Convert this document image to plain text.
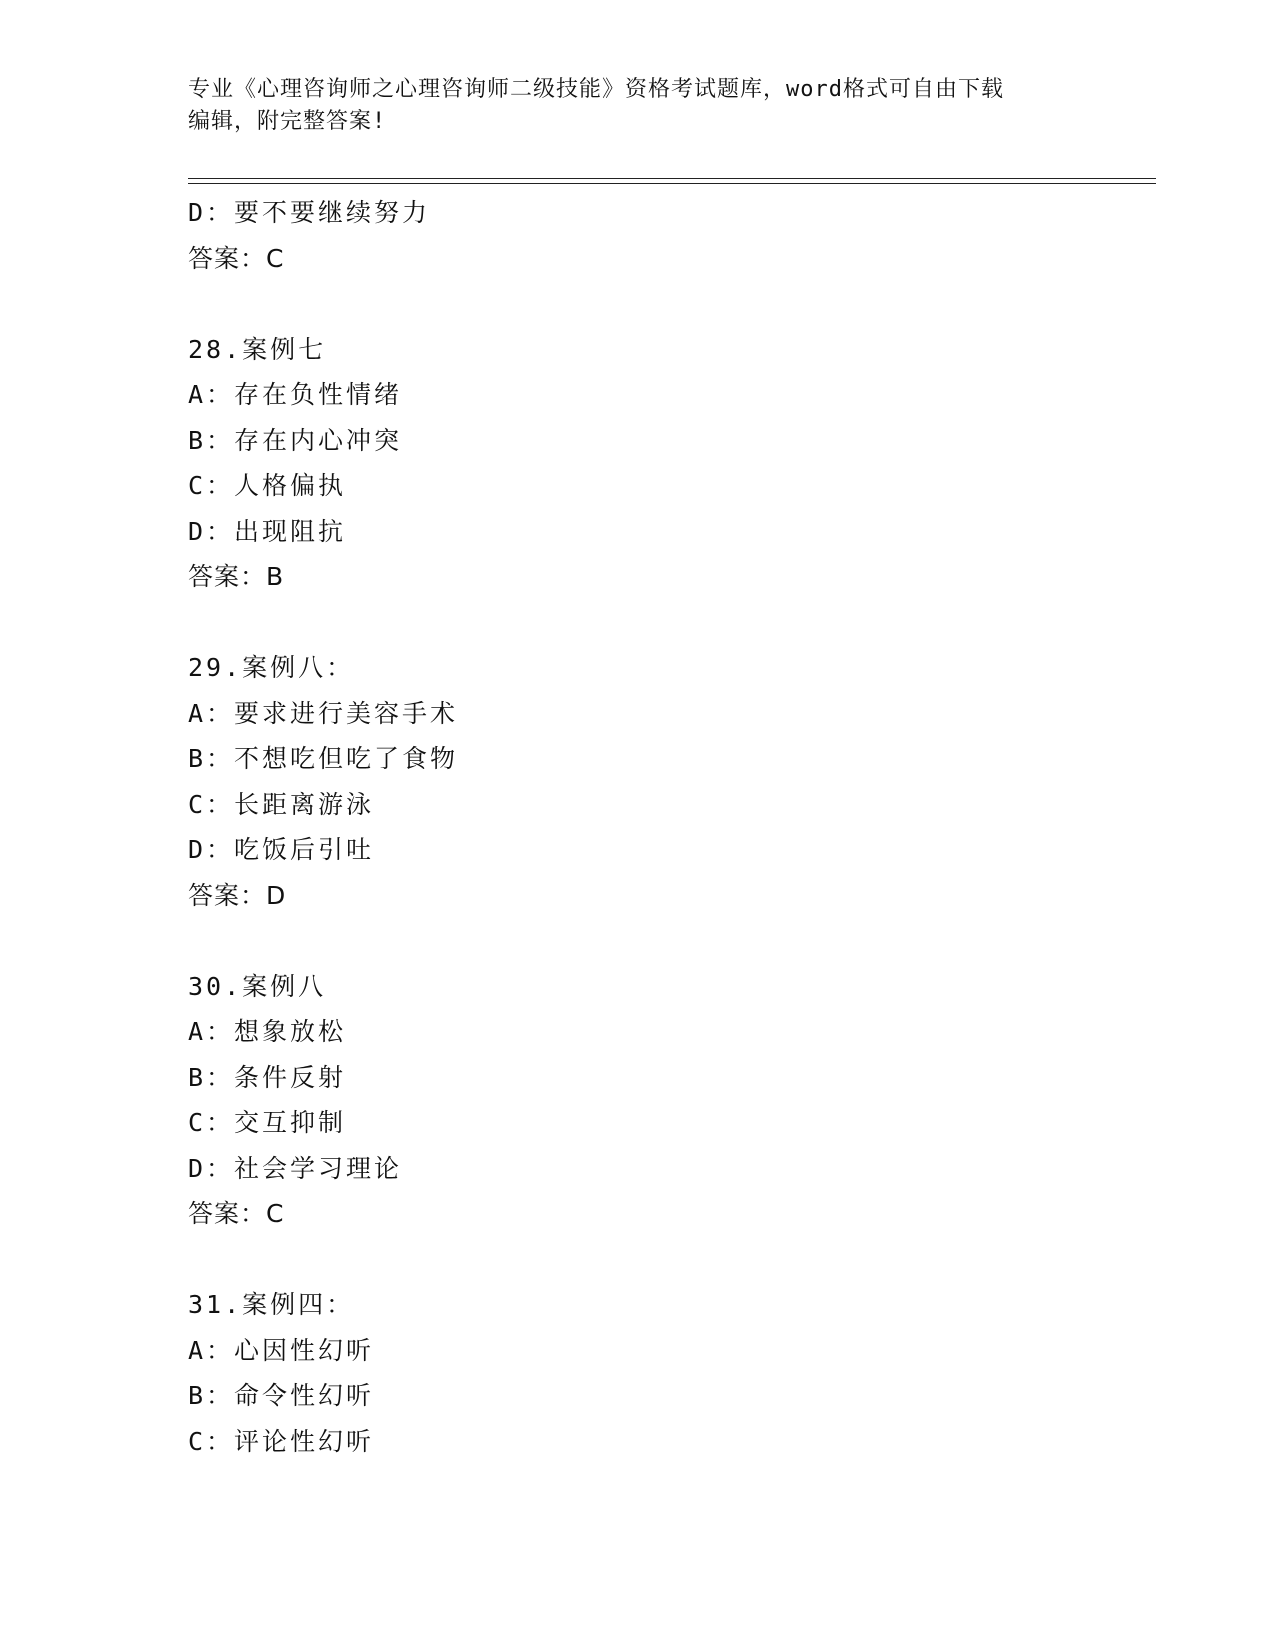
专业《心理咨询师之心理咨询师二级技能》资格考试题库，word格式可自由下载
编辑，附完整答案!
D：要不要继续努力
答案：C
28.案例七
A：存在负性情绪
B：存在内心冲突
C：人格偏执
D：出现阻抗
答案：B
29.案例八：
A：要求进行美容手术
B：不想吃但吃了食物
C：长距离游泳
D：吃饭后引吐
答案：D
30.案例八
A：想象放松
B：条件反射
C：交互抑制
D：社会学习理论
答案：C
31.案例四：
A：心因性幻听
B：命令性幻听
C：评论性幻听
